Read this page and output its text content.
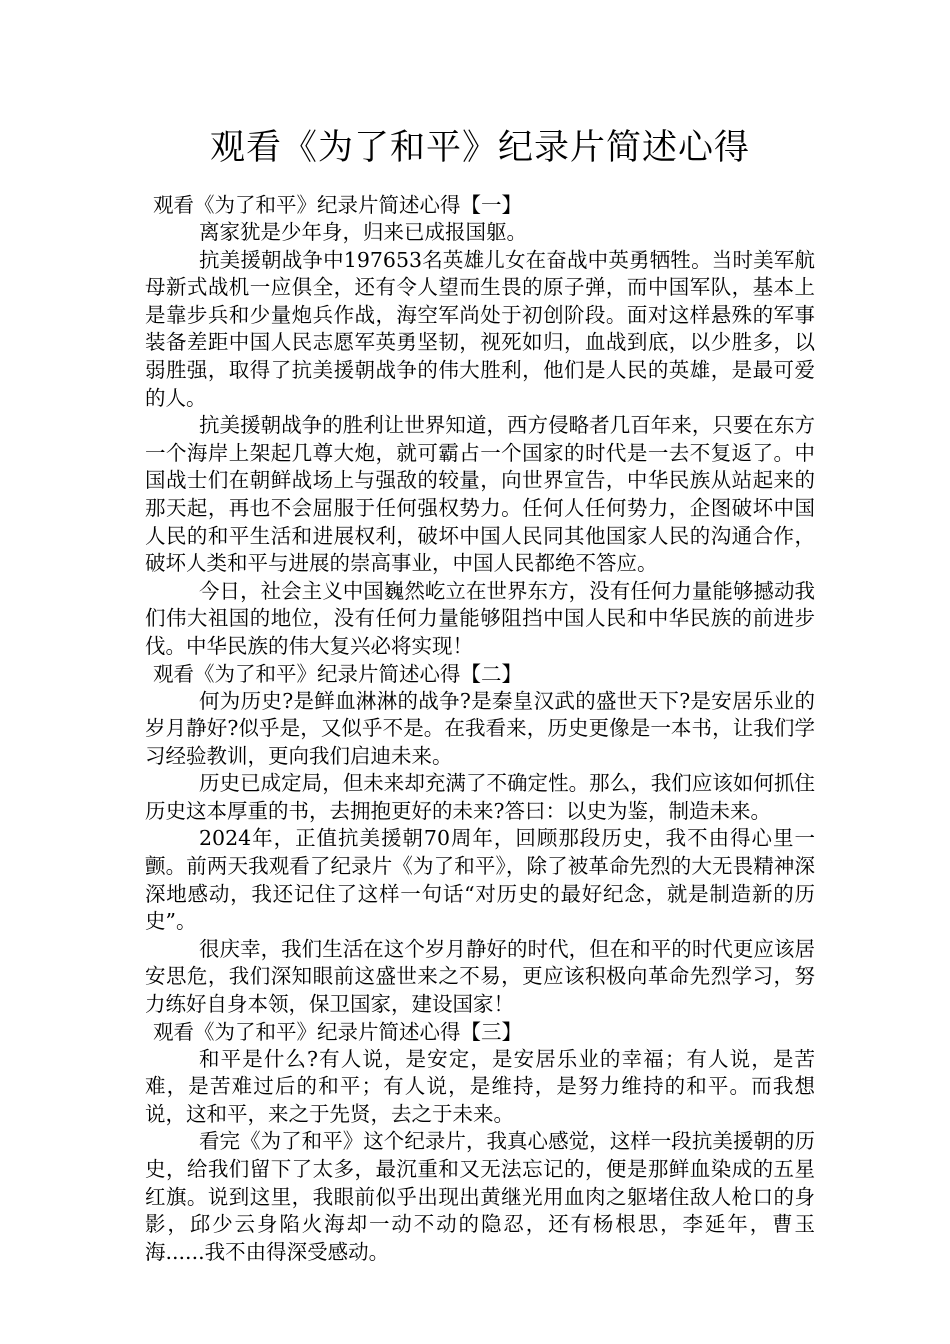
观看《为了和平》纪录片简述心得
观看《为了和平》纪录片简述心得【一】

离家犹是少年身，归来已成报国躯。

抗美援朝战争中197653名英雄儿女在奋战中英勇牺牲。当时美军航母新式战机一应俱全，还有令人望而生畏的原子弹，而中国军队，基本上是靠步兵和少量炮兵作战，海空军尚处于初创阶段。面对这样悬殊的军事装备差距中国人民志愿军英勇坚韧，视死如归，血战到底，以少胜多，以弱胜强，取得了抗美援朝战争的伟大胜利，他们是人民的英雄，是最可爱的人。

抗美援朝战争的胜利让世界知道，西方侵略者几百年来，只要在东方一个海岸上架起几尊大炮，就可霸占一个国家的时代是一去不复返了。中国战士们在朝鲜战场上与强敌的较量，向世界宣告，中华民族从站起来的那天起，再也不会屈服于任何强权势力。任何人任何势力，企图破坏中国人民的和平生活和进展权利，破坏中国人民同其他国家人民的沟通合作，破坏人类和平与进展的崇高事业，中国人民都绝不答应。

今日，社会主义中国巍然屹立在世界东方，没有任何力量能够撼动我们伟大祖国的地位，没有任何力量能够阻挡中国人民和中华民族的前进步伐。中华民族的伟大复兴必将实现！

观看《为了和平》纪录片简述心得【二】

何为历史?是鲜血淋淋的战争?是秦皇汉武的盛世天下?是安居乐业的岁月静好?似乎是，又似乎不是。在我看来，历史更像是一本书，让我们学习经验教训，更向我们启迪未来。

历史已成定局，但未来却充满了不确定性。那么，我们应该如何抓住历史这本厚重的书，去拥抱更好的未来?答曰：以史为鉴，制造未来。

2024年，正值抗美援朝70周年，回顾那段历史，我不由得心里一颤。前两天我观看了纪录片《为了和平》，除了被革命先烈的大无畏精神深深地感动，我还记住了这样一句话“对历史的最好纪念，就是制造新的历史”。

很庆幸，我们生活在这个岁月静好的时代，但在和平的时代更应该居安思危，我们深知眼前这盛世来之不易，更应该积极向革命先烈学习，努力练好自身本领，保卫国家，建设国家！

观看《为了和平》纪录片简述心得【三】

和平是什么?有人说，是安定，是安居乐业的幸福；有人说，是苦难，是苦难过后的和平；有人说，是维持，是努力维持的和平。而我想说，这和平，来之于先贤，去之于未来。

看完《为了和平》这个纪录片，我真心感觉，这样一段抗美援朝的历史，给我们留下了太多，最沉重和又无法忘记的，便是那鲜血染成的五星红旗。说到这里，我眼前似乎出现出黄继光用血肉之躯堵住敌人枪口的身影，邱少云身陷火海却一动不动的隐忍，还有杨根思，李延年，曹玉海......我不由得深受感动。
